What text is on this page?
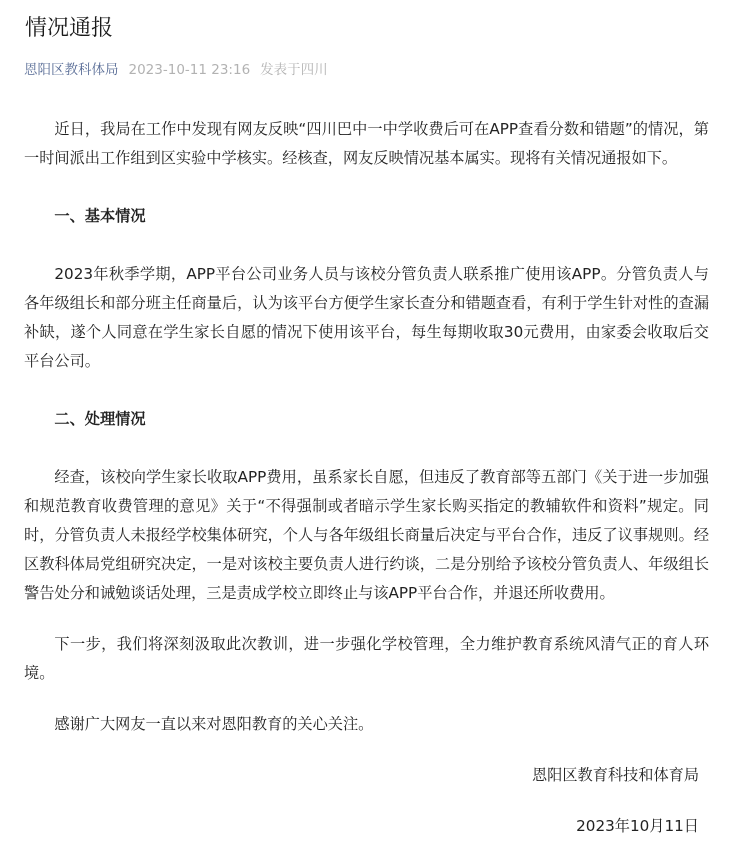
情况通报
恩阳区教科体局 2023-10-11 23:16 发表于四川

近日，我局在工作中发现有网友反映“四川巴中一中学收费后可在APP查看分数和错题”的情况，第一时间派出工作组到区实验中学核实。经核查，网友反映情况基本属实。现将有关情况通报如下。

一、基本情况

2023年秋季学期，APP平台公司业务人员与该校分管负责人联系推广使用该APP。分管负责人与各年级组长和部分班主任商量后，认为该平台方便学生家长查分和错题查看，有利于学生针对性的查漏补缺，遂个人同意在学生家长自愿的情况下使用该平台，每生每期收取30元费用，由家委会收取后交平台公司。

二、处理情况

经查，该校向学生家长收取APP费用，虽系家长自愿，但违反了教育部等五部门《关于进一步加强和规范教育收费管理的意见》关于“不得强制或者暗示学生家长购买指定的教辅软件和资料”规定。同时，分管负责人未报经学校集体研究，个人与各年级组长商量后决定与平台合作，违反了议事规则。经区教科体局党组研究决定，一是对该校主要负责人进行约谈，二是分别给予该校分管负责人、年级组长警告处分和诫勉谈话处理，三是责成学校立即终止与该APP平台合作，并退还所收费用。

下一步，我们将深刻汲取此次教训，进一步强化学校管理，全力维护教育系统风清气正的育人环境。

感谢广大网友一直以来对恩阳教育的关心关注。

恩阳区教育科技和体育局

2023年10月11日
